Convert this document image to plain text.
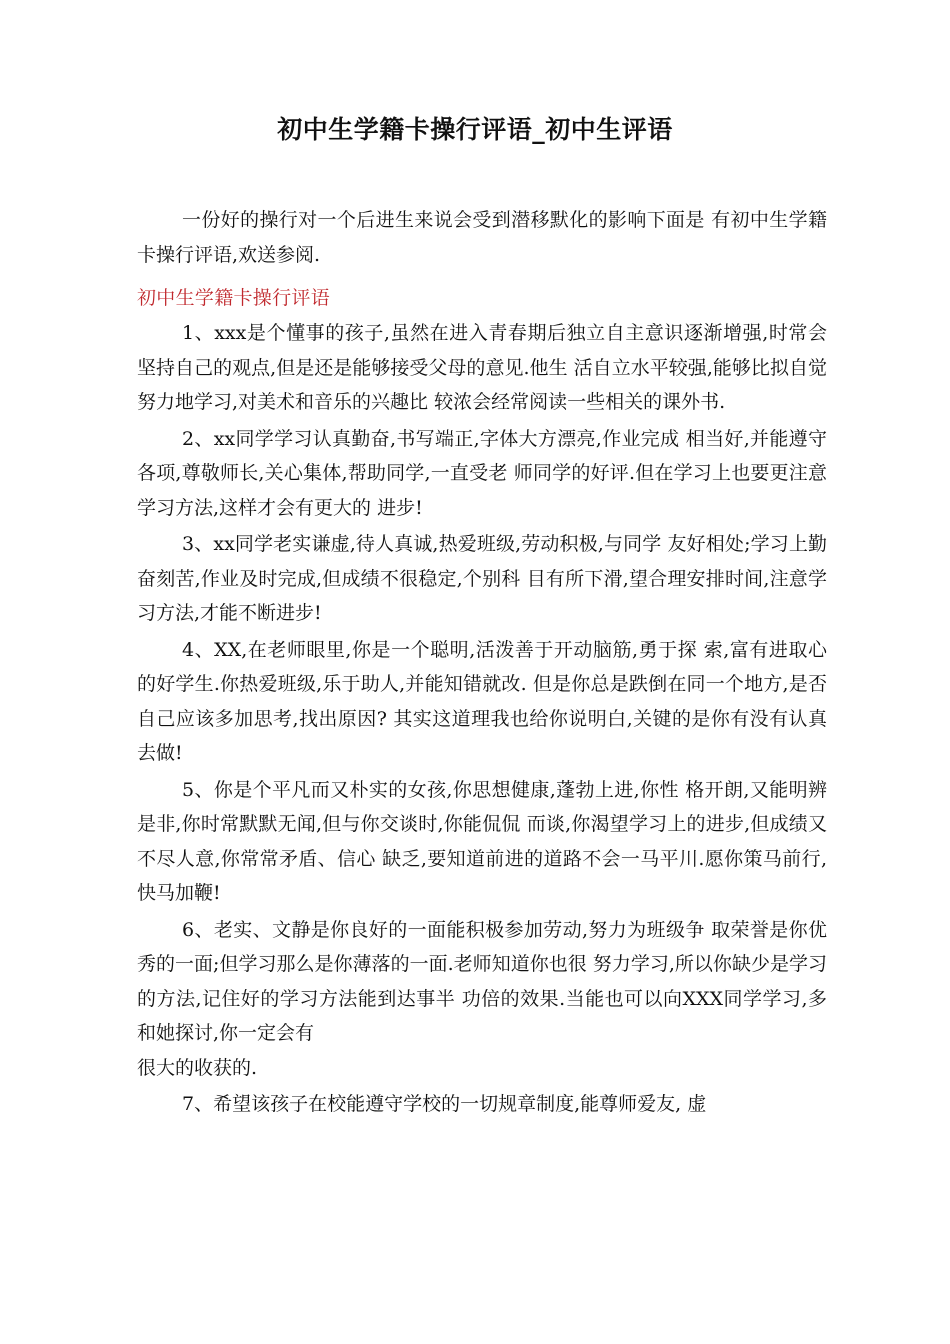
初中生学籍卡操行评语_初中生评语
一份好的操行对一个后进生来说会受到潜移默化的影响下面是 有初中生学籍卡操行评语,欢送参阅.
初中生学籍卡操行评语

1、xxx是个懂事的孩子,虽然在进入青春期后独立自主意识逐渐增强,时常会坚持自己的观点,但是还是能够接受父母的意见.他生 活自立水平较强,能够比拟自觉努力地学习,对美术和音乐的兴趣比 较浓会经常阅读一些相关的课外书.

2、xx同学学习认真勤奋,书写端正,字体大方漂亮,作业完成 相当好,并能遵守各项,尊敬师长,关心集体,帮助同学,一直受老 师同学的好评.但在学习上也要更注意学习方法,这样才会有更大的 进步!

3、xx同学老实谦虚,待人真诚,热爱班级,劳动积极,与同学 友好相处;学习上勤奋刻苦,作业及时完成,但成绩不很稳定,个别科 目有所下滑,望合理安排时间,注意学习方法,才能不断进步!

4、XX,在老师眼里,你是一个聪明,活泼善于开动脑筋,勇于探 索,富有进取心的好学生.你热爱班级,乐于助人,并能知错就改. 但是你总是跌倒在同一个地方,是否自己应该多加思考,找出原因? 其实这道理我也给你说明白,关键的是你有没有认真去做!

5、你是个平凡而又朴实的女孩,你思想健康,蓬勃上进,你性 格开朗,又能明辨是非,你时常默默无闻,但与你交谈时,你能侃侃 而谈,你渴望学习上的进步,但成绩又不尽人意,你常常矛盾、信心 缺乏,要知道前进的道路不会一马平川.愿你策马前行,快马加鞭!

6、老实、文静是你良好的一面能积极参加劳动,努力为班级争 取荣誉是你优秀的一面;但学习那么是你薄落的一面.老师知道你也很 努力学习,所以你缺少是学习的方法,记住好的学习方法能到达事半 功倍的效果.当能也可以向XXX同学学习,多和她探讨,你一定会有
很大的收获的.

7、希望该孩子在校能遵守学校的一切规章制度,能尊师爱友, 虚
